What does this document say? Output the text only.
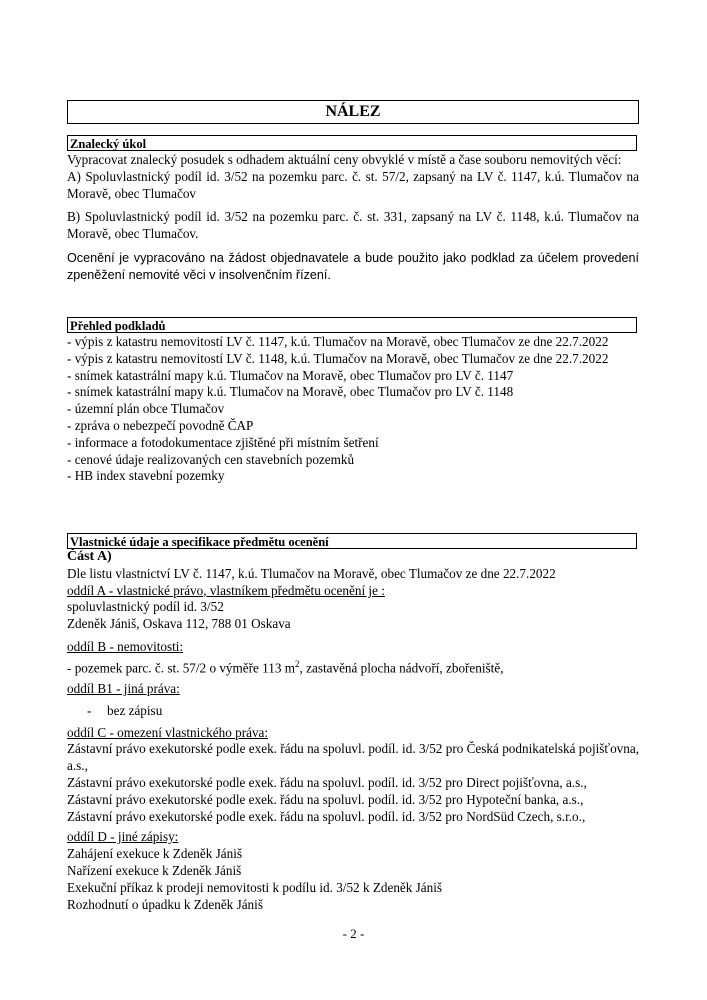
NÁLEZ
Znalecký úkol

Vypracovat znalecký posudek s odhadem aktuální ceny obvyklé v místě a čase souboru nemovitých věcí:

A) Spoluvlastnický podíl id. 3/52 na pozemku parc. č. st. 57/2, zapsaný na LV č. 1147, k.ú. Tlumačov na Moravě, obec Tlumačov

B) Spoluvlastnický podíl id. 3/52 na pozemku parc. č. st. 331, zapsaný na LV č. 1148, k.ú. Tlumačov na Moravě, obec Tlumačov.

Ocenění je vypracováno na žádost objednavatele a bude použito jako podklad za účelem provedení zpeněžení nemovité věci v insolvenčním řízení.

Přehled podkladů

- výpis z katastru nemovitostí LV č. 1147, k.ú. Tlumačov na Moravě, obec Tlumačov ze dne 22.7.2022

- výpis z katastru nemovitostí LV č. 1148, k.ú. Tlumačov na Moravě, obec Tlumačov ze dne 22.7.2022

- snímek katastrální mapy k.ú. Tlumačov na Moravě, obec Tlumačov pro LV č. 1147

- snímek katastrální mapy k.ú. Tlumačov na Moravě, obec Tlumačov pro LV č. 1148

- územní plán obce Tlumačov

- zpráva o nebezpečí povodně ČAP

- informace a fotodokumentace zjištěné při místním šetření

- cenové údaje realizovaných cen stavebních pozemků

- HB index stavební pozemky

Vlastnické údaje a specifikace předmětu ocenění

Část A)

Dle listu vlastnictví LV č. 1147, k.ú. Tlumačov na Moravě, obec Tlumačov ze dne 22.7.2022

oddíl A - vlastnické právo, vlastníkem předmětu ocenění je :

spoluvlastnický podíl id. 3/52

Zdeněk Jániš, Oskava 112, 788 01 Oskava

oddíl B - nemovitosti:

- pozemek parc. č. st. 57/2 o výměře 113 $m^2$, zastavěná plocha nádvoří, zbořeniště,

oddíl B1 - jiná práva:

- bez zápisu

oddíl C - omezení vlastnického práva:

Zástavní právo exekutorské podle exek. řádu na spoluvl. podíl. id. 3/52 pro Česká podnikatelská pojišťovna, a.s.,

Zástavní právo exekutorské podle exek. řádu na spoluvl. podíl. id. 3/52 pro Direct pojišťovna, a.s.,

Zástavní právo exekutorské podle exek. řádu na spoluvl. podíl. id. 3/52 pro Hypoteční banka, a.s.,

Zástavní právo exekutorské podle exek. řádu na spoluvl. podíl. id. 3/52 pro NordSüd Czech, s.r.o.,

oddíl D - jiné zápisy:

Zahájení exekuce k Zdeněk Jániš

Nařízení exekuce k Zdeněk Jániš

Exekuční příkaz k prodeji nemovitosti k podílu id. 3/52 k Zdeněk Jániš

Rozhodnutí o úpadku k Zdeněk Jániš

- 2 -
